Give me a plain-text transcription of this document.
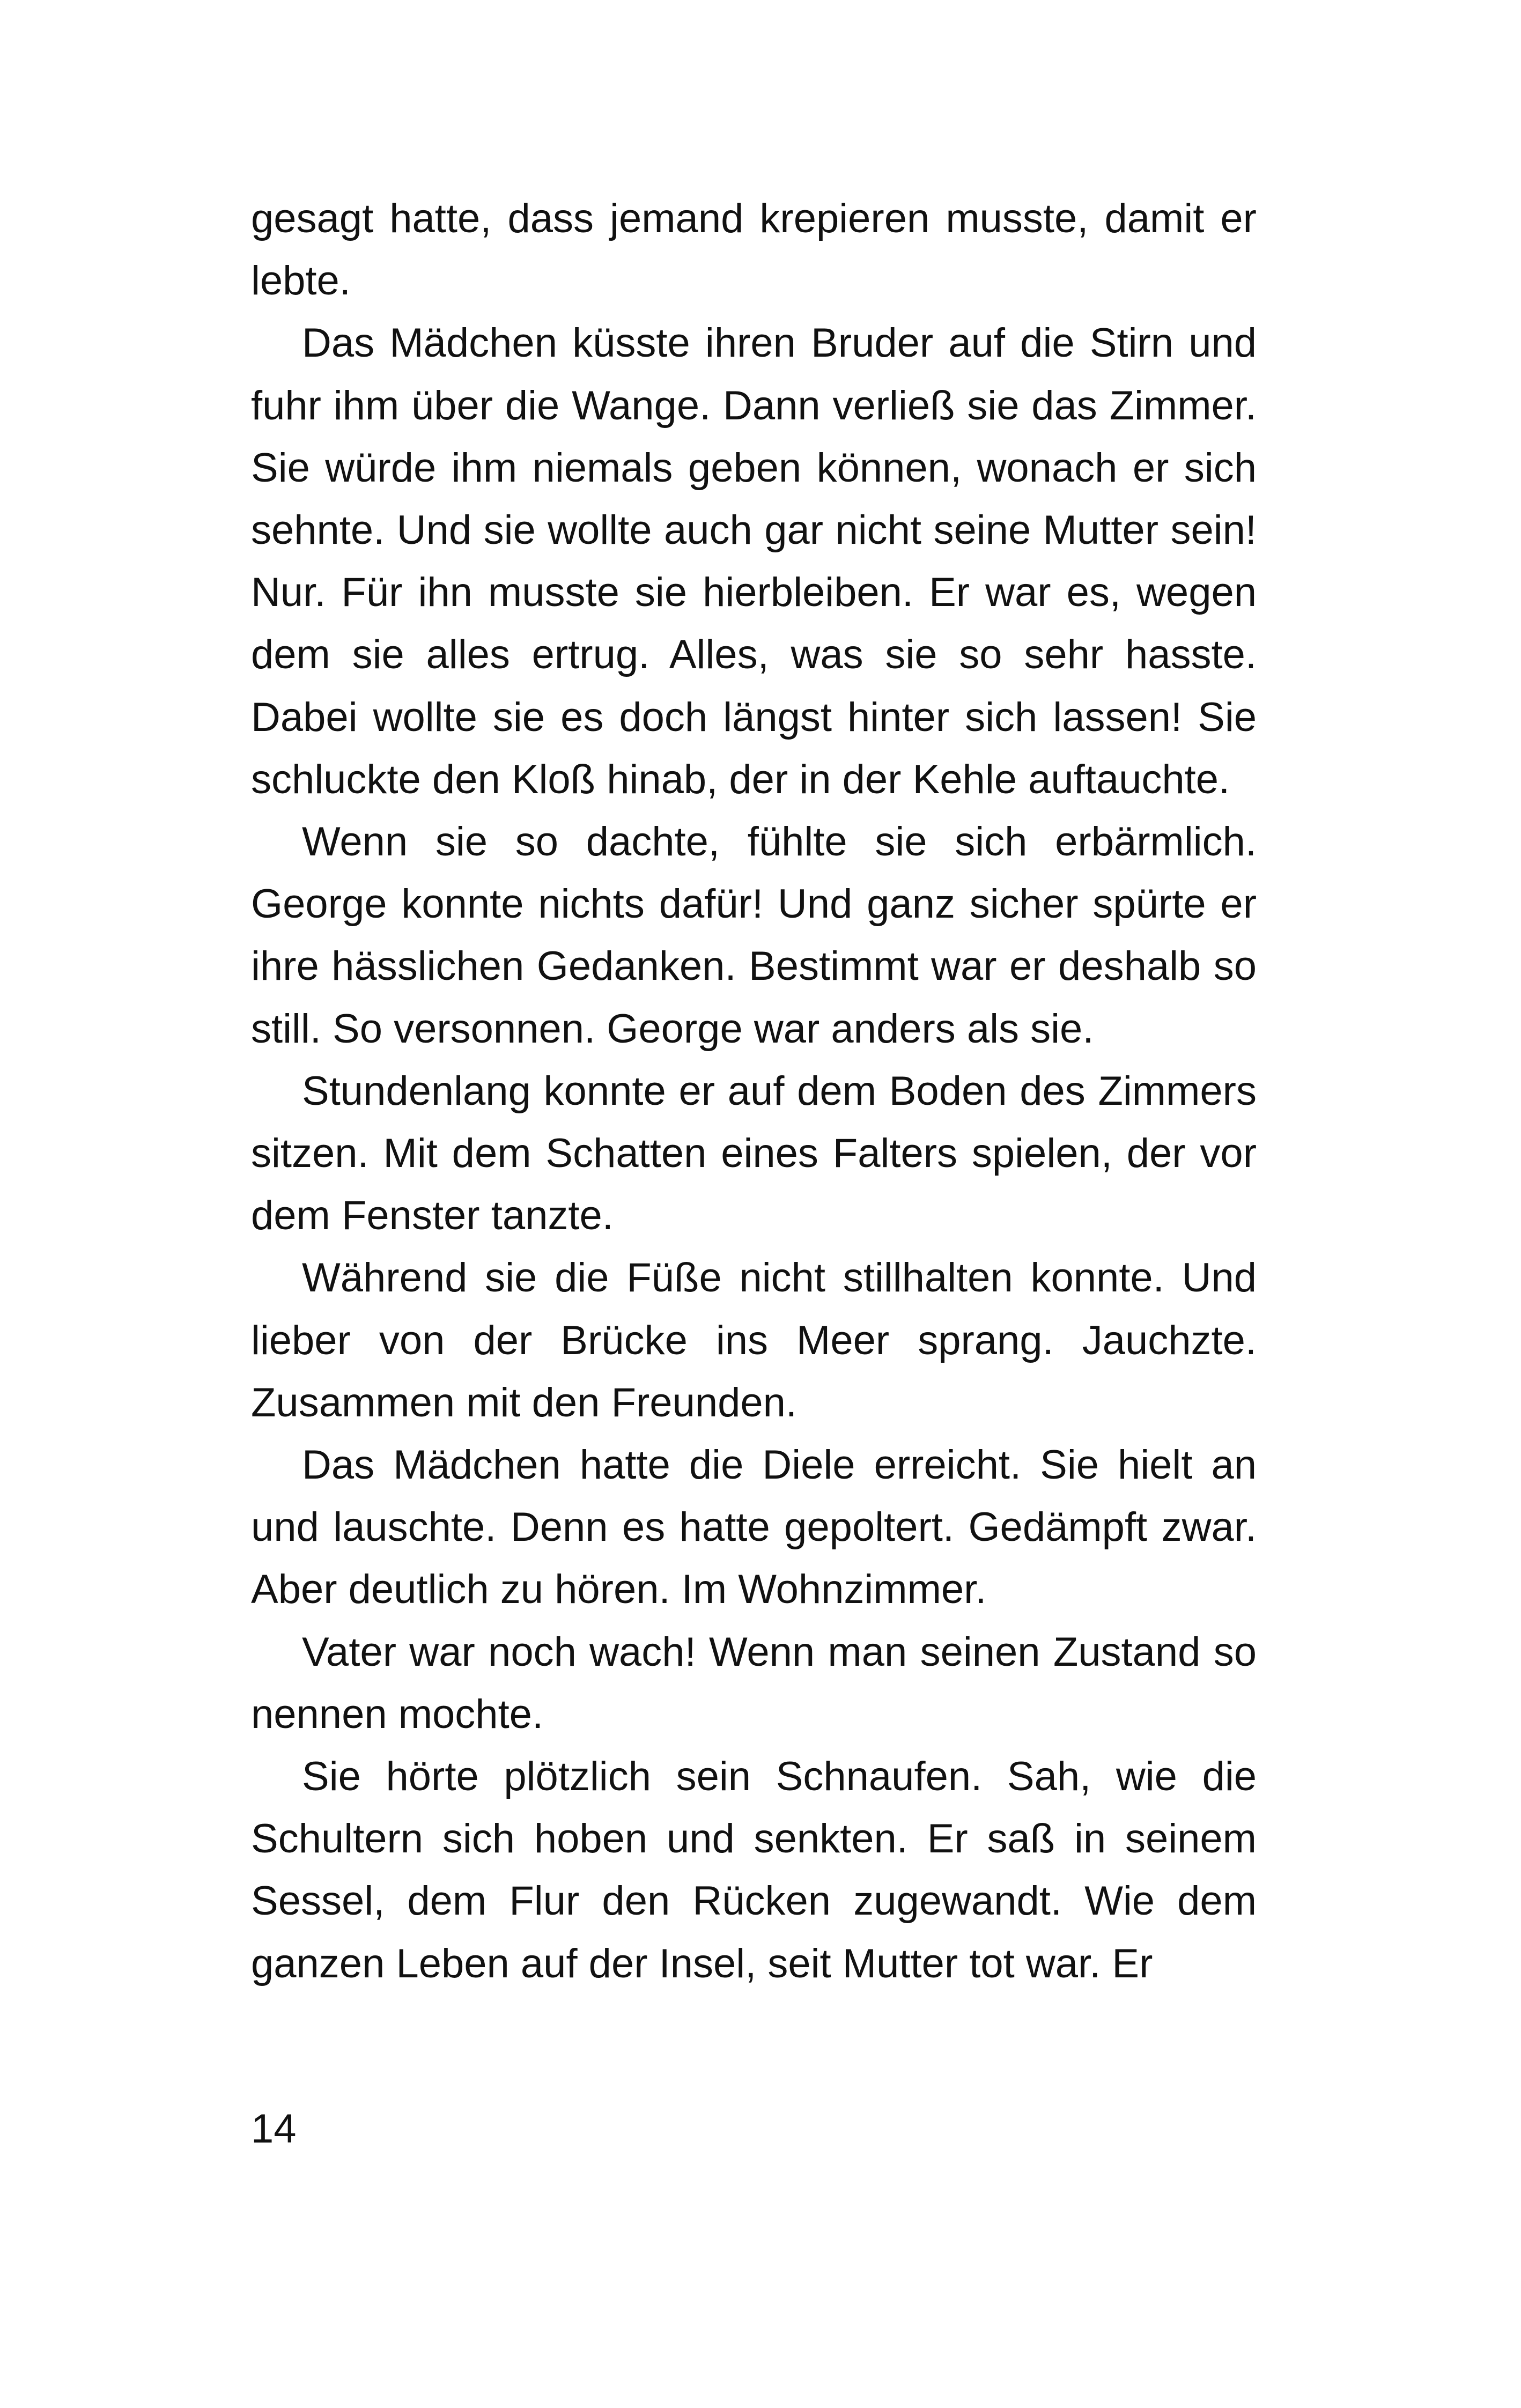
gesagt hatte, dass jemand krepieren musste, damit er lebte.

Das Mädchen küsste ihren Bruder auf die Stirn und fuhr ihm über die Wange. Dann verließ sie das Zimmer. Sie würde ihm niemals geben können, wonach er sich sehnte. Und sie wollte auch gar nicht seine Mutter sein! Nur. Für ihn musste sie hierbleiben. Er war es, wegen dem sie alles ertrug. Alles, was sie so sehr hasste. Dabei wollte sie es doch längst hinter sich lassen! Sie schluckte den Kloß hinab, der in der Kehle auftauchte.

Wenn sie so dachte, fühlte sie sich erbärmlich. George konnte nichts dafür! Und ganz sicher spürte er ihre hässlichen Gedanken. Bestimmt war er deshalb so still. So versonnen. George war anders als sie.

Stundenlang konnte er auf dem Boden des Zimmers sitzen. Mit dem Schatten eines Falters spielen, der vor dem Fenster tanzte.

Während sie die Füße nicht stillhalten konnte. Und lieber von der Brücke ins Meer sprang. Jauchzte. Zusammen mit den Freunden.

Das Mädchen hatte die Diele erreicht. Sie hielt an und lauschte. Denn es hatte gepoltert. Gedämpft zwar. Aber deutlich zu hören. Im Wohnzimmer.

Vater war noch wach! Wenn man seinen Zustand so nennen mochte.

Sie hörte plötzlich sein Schnaufen. Sah, wie die Schultern sich hoben und senkten. Er saß in seinem Sessel, dem Flur den Rücken zugewandt. Wie dem ganzen Leben auf der Insel, seit Mutter tot war. Er

14
